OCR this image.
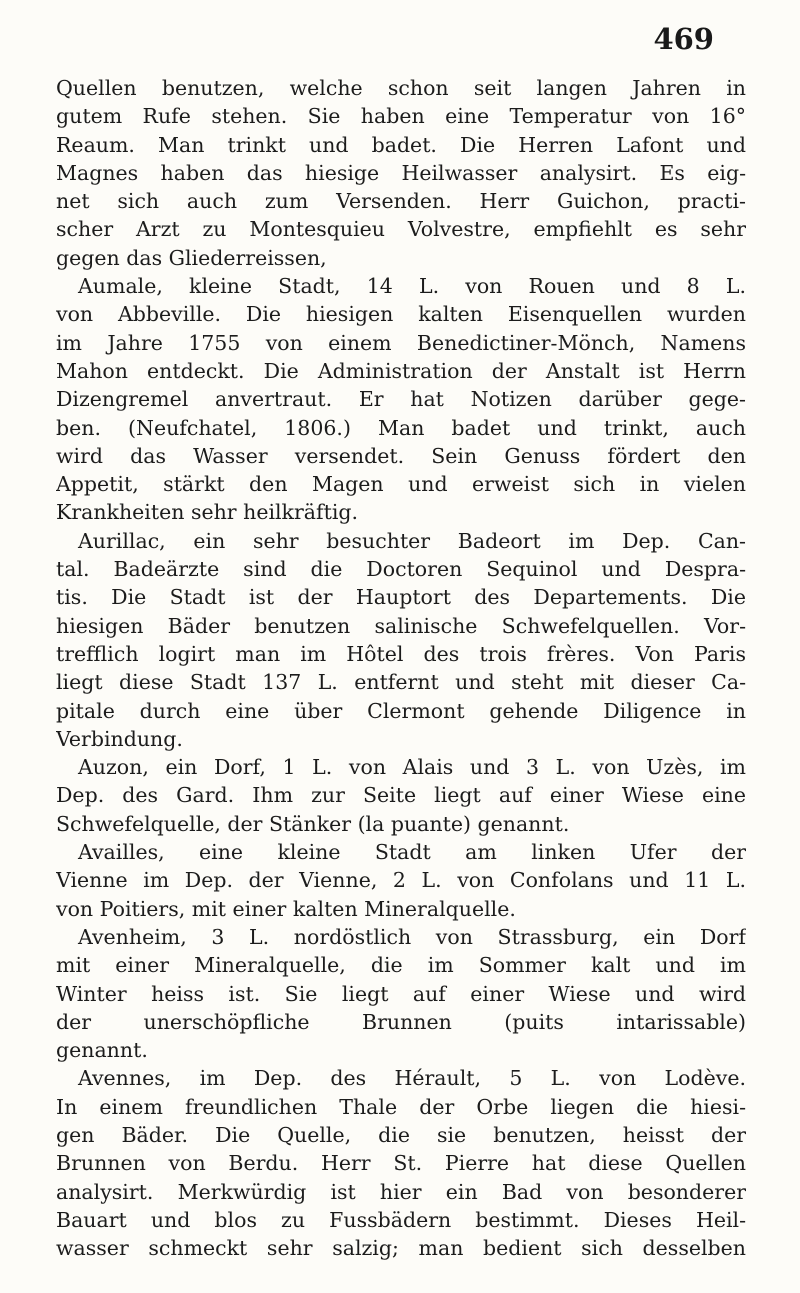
469
Quellen benutzen, welche schon seit langen Jahren in
gutem Rufe stehen. Sie haben eine Temperatur von 16°
Reaum. Man trinkt und badet. Die Herren Lafont und
Magnes haben das hiesige Heilwasser analysirt. Es eig-
net sich auch zum Versenden. Herr Guichon, practi-
scher Arzt zu Montesquieu Volvestre, empfiehlt es sehr
gegen das Gliederreissen,
Aumale, kleine Stadt, 14 L. von Rouen und 8 L.
von Abbeville. Die hiesigen kalten Eisenquellen wurden
im Jahre 1755 von einem Benedictiner-Mönch, Namens
Mahon entdeckt. Die Administration der Anstalt ist Herrn
Dizengremel anvertraut. Er hat Notizen darüber gege-
ben. (Neufchatel, 1806.) Man badet und trinkt, auch
wird das Wasser versendet. Sein Genuss fördert den
Appetit, stärkt den Magen und erweist sich in vielen
Krankheiten sehr heilkräftig.
Aurillac, ein sehr besuchter Badeort im Dep. Can-
tal. Badeärzte sind die Doctoren Sequinol und Despra-
tis. Die Stadt ist der Hauptort des Departements. Die
hiesigen Bäder benutzen salinische Schwefelquellen. Vor-
trefflich logirt man im Hôtel des trois frères. Von Paris
liegt diese Stadt 137 L. entfernt und steht mit dieser Ca-
pitale durch eine über Clermont gehende Diligence in
Verbindung.
Auzon, ein Dorf, 1 L. von Alais und 3 L. von Uzès, im
Dep. des Gard. Ihm zur Seite liegt auf einer Wiese eine
Schwefelquelle, der Stänker (la puante) genannt.
Availles, eine kleine Stadt am linken Ufer der
Vienne im Dep. der Vienne, 2 L. von Confolans und 11 L.
von Poitiers, mit einer kalten Mineralquelle.
Avenheim, 3 L. nordöstlich von Strassburg, ein Dorf
mit einer Mineralquelle, die im Sommer kalt und im
Winter heiss ist. Sie liegt auf einer Wiese und wird
der unerschöpfliche Brunnen (puits intarissable)
genannt.
Avennes, im Dep. des Hérault, 5 L. von Lodève.
In einem freundlichen Thale der Orbe liegen die hiesi-
gen Bäder. Die Quelle, die sie benutzen, heisst der
Brunnen von Berdu. Herr St. Pierre hat diese Quellen
analysirt. Merkwürdig ist hier ein Bad von besonderer
Bauart und blos zu Fussbädern bestimmt. Dieses Heil-
wasser schmeckt sehr salzig; man bedient sich desselben
